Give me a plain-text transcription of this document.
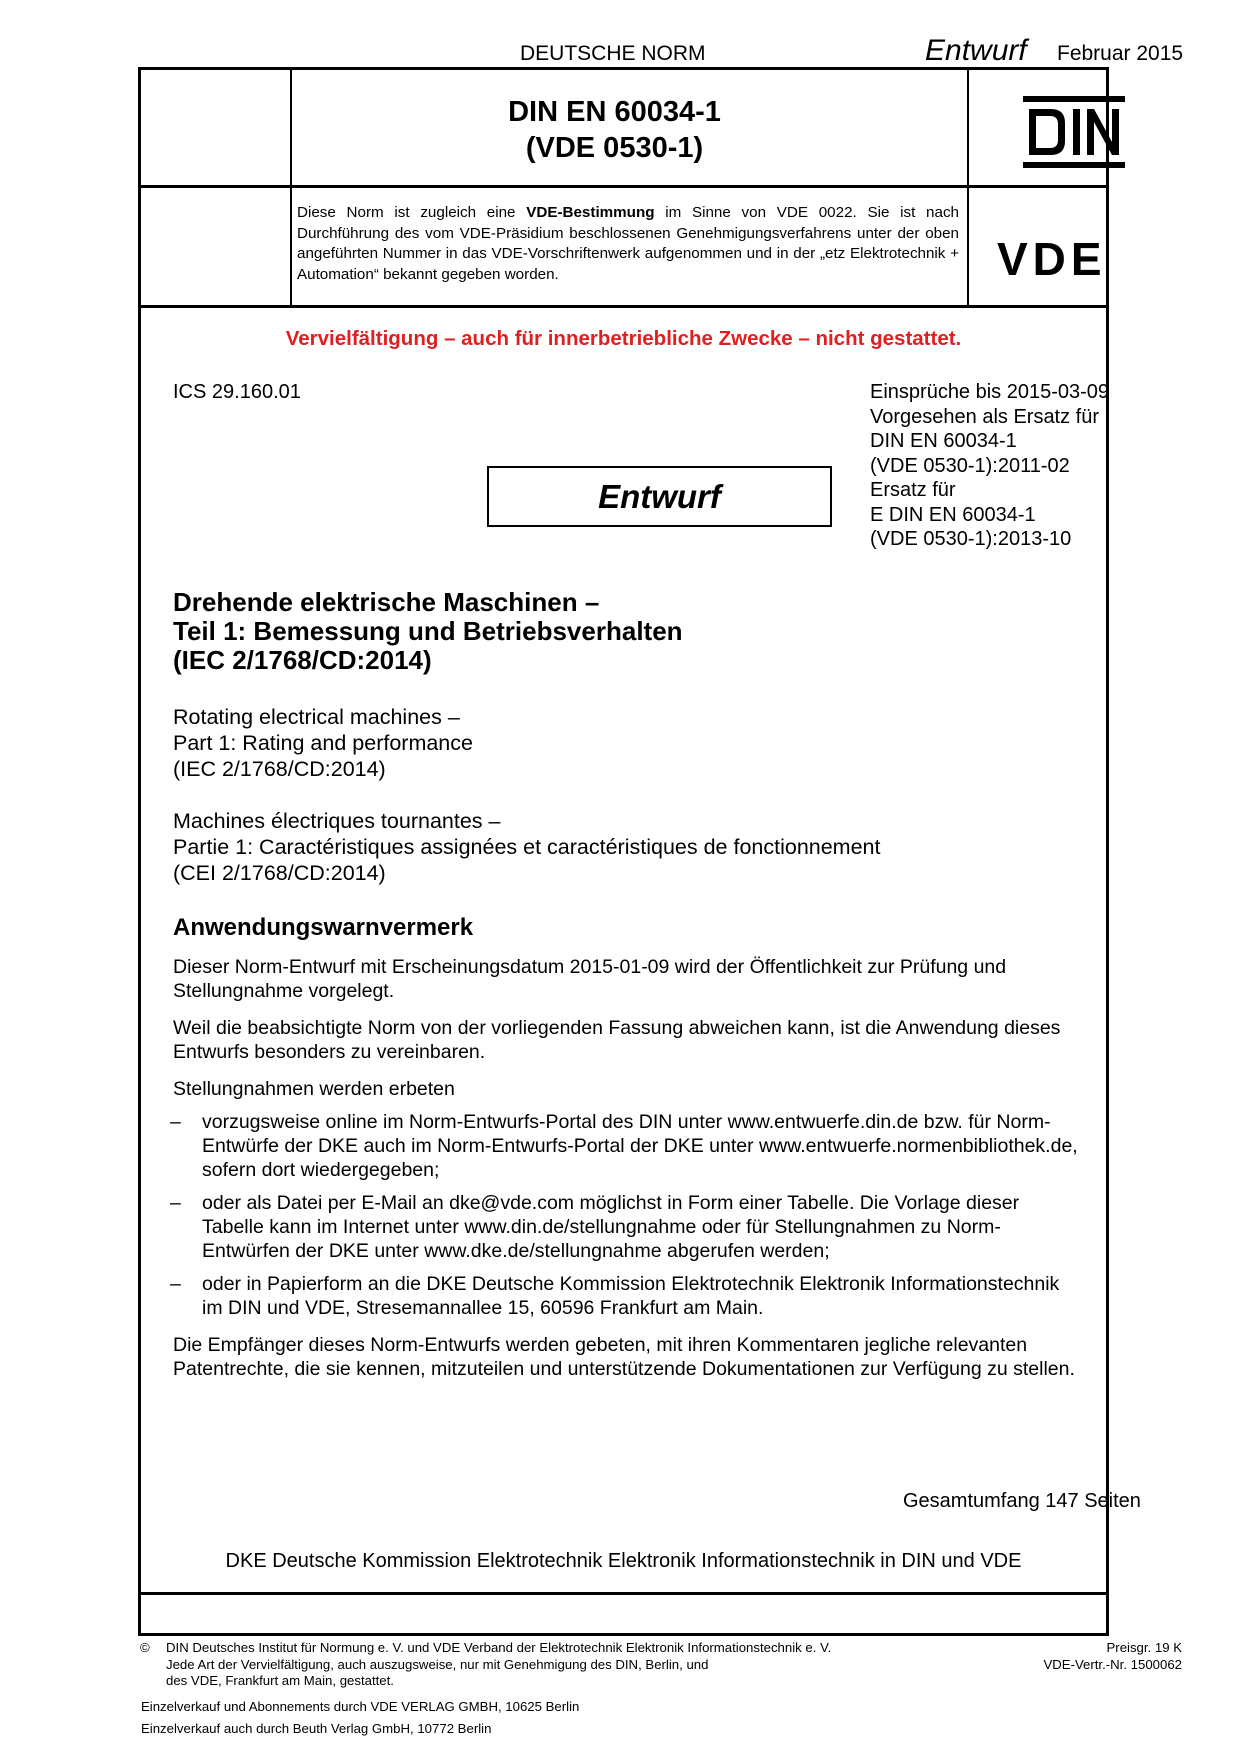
DEUTSCHE NORM	Entwurf Februar 2015
DIN EN 60034-1
(VDE 0530-1)

Diese Norm ist zugleich eine VDE-Bestimmung im Sinne von VDE 0022. Sie ist nach Durchführung des vom VDE-Präsidium beschlossenen Genehmigungsverfahrens unter der oben angeführten Nummer in das VDE-Vorschriftenwerk aufgenommen und in der „etz Elektrotechnik + Automation“ bekannt gegeben worden.	VDE
Vervielfältigung – auch für innerbetriebliche Zwecke – nicht gestattet.
ICS 29.160.01	Einsprüche bis 2015-03-09
Vorgesehen als Ersatz für
DIN EN 60034-1
(VDE 0530-1):2011-02
Ersatz für
E DIN EN 60034-1
(VDE 0530-1):2013-10
Entwurf
Drehende elektrische Maschinen –
Teil 1: Bemessung und Betriebsverhalten
(IEC 2/1768/CD:2014)
Rotating electrical machines –
Part 1: Rating and performance
(IEC 2/1768/CD:2014)
Machines électriques tournantes –
Partie 1: Caractéristiques assignées et caractéristiques de fonctionnement
(CEI 2/1768/CD:2014)
Anwendungswarnvermerk

Dieser Norm-Entwurf mit Erscheinungsdatum 2015-01-09 wird der Öffentlichkeit zur Prüfung und Stellungnahme vorgelegt.

Weil die beabsichtigte Norm von der vorliegenden Fassung abweichen kann, ist die Anwendung dieses Entwurfs besonders zu vereinbaren.

Stellungnahmen werden erbeten

–	vorzugsweise online im Norm-Entwurfs-Portal des DIN unter www.entwuerfe.din.de bzw. für Norm-Entwürfe der DKE auch im Norm-Entwurfs-Portal der DKE unter www.entwuerfe.normenbibliothek.de, sofern dort wiedergegeben;
–	oder als Datei per E-Mail an dke@vde.com möglichst in Form einer Tabelle. Die Vorlage dieser Tabelle kann im Internet unter www.din.de/stellungnahme oder für Stellungnahmen zu Norm-Entwürfen der DKE unter www.dke.de/stellungnahme abgerufen werden;
–	oder in Papierform an die DKE Deutsche Kommission Elektrotechnik Elektronik Informationstechnik im DIN und VDE, Stresemannallee 15, 60596 Frankfurt am Main.

Die Empfänger dieses Norm-Entwurfs werden gebeten, mit ihren Kommentaren jegliche relevanten Patentrechte, die sie kennen, mitzuteilen und unterstützende Dokumentationen zur Verfügung zu stellen.

Gesamtumfang 147 Seiten
DKE Deutsche Kommission Elektrotechnik Elektronik Informationstechnik in DIN und VDE
©	DIN Deutsches Institut für Normung e. V. und VDE Verband der Elektrotechnik Elektronik Informationstechnik e. V.
Jede Art der Vervielfältigung, auch auszugsweise, nur mit Genehmigung des DIN, Berlin, und
des VDE, Frankfurt am Main, gestattet.
Preisgr. 19 K
VDE-Vertr.-Nr. 1500062
Einzelverkauf und Abonnements durch VDE VERLAG GMBH, 10625 Berlin
Einzelverkauf auch durch Beuth Verlag GmbH, 10772 Berlin
